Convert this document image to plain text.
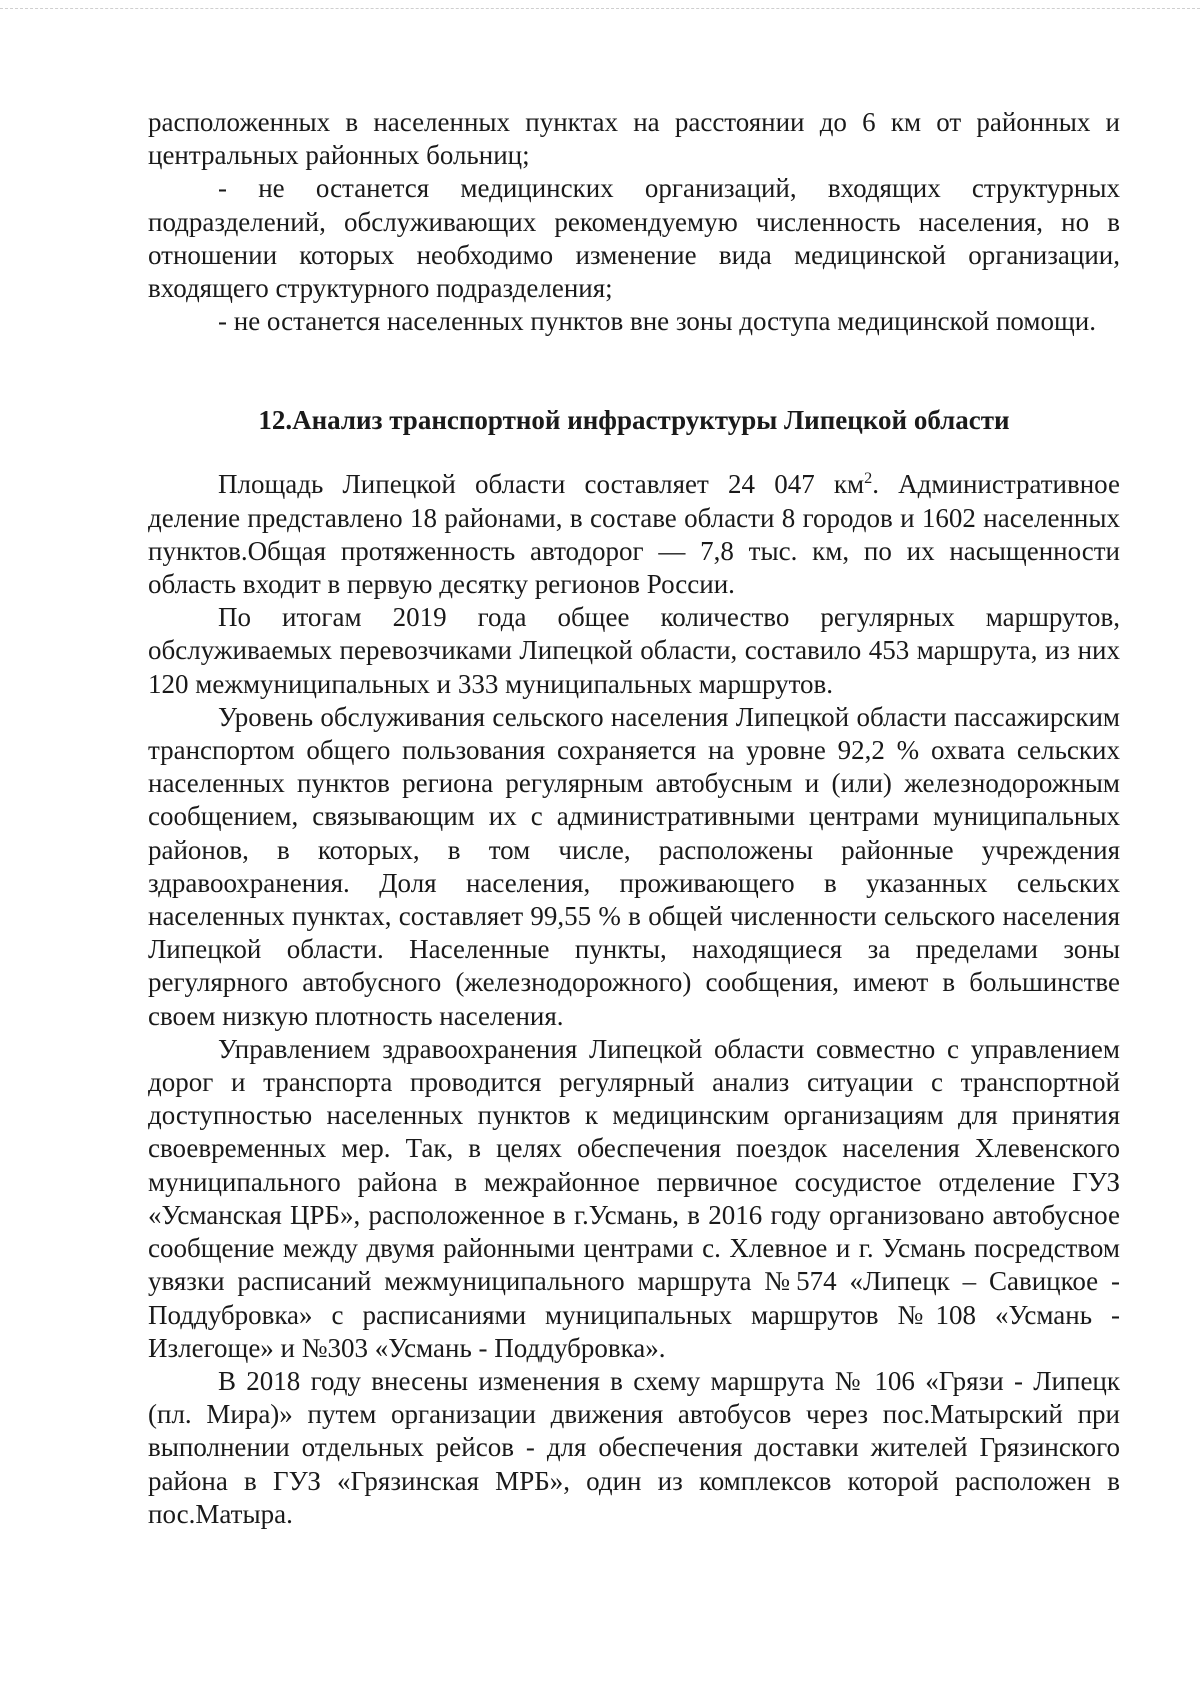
расположенных в населенных пунктах на расстоянии до 6 км от районных и центральных районных больниц;

- не останется медицинских организаций, входящих структурных подразделений, обслуживающих рекомендуемую численность населения, но в отношении которых необходимо изменение вида медицинской организации, входящего структурного подразделения;

- не останется населенных пунктов вне зоны доступа медицинской помощи.

12.Анализ транспортной инфраструктуры Липецкой области

Площадь Липецкой области составляет 24 047 $км^2$. Административное деление представлено 18 районами, в составе области 8 городов и 1602 населенных пунктов.Общая протяженность автодорог — 7,8 тыс. км, по их насыщенности область входит в первую десятку регионов России.

По итогам 2019 года общее количество регулярных маршрутов, обслуживаемых перевозчиками Липецкой области, составило 453 маршрута, из них 120 межмуниципальных и 333 муниципальных маршрутов.

Уровень обслуживания сельского населения Липецкой области пассажирским транспортом общего пользования сохраняется на уровне 92,2 % охвата сельских населенных пунктов региона регулярным автобусным и (или) железнодорожным сообщением, связывающим их с административными центрами муниципальных районов, в которых, в том числе, расположены районные учреждения здравоохранения. Доля населения, проживающего в указанных сельских населенных пунктах, составляет 99,55 % в общей численности сельского населения Липецкой области. Населенные пункты, находящиеся за пределами зоны регулярного автобусного (железнодорожного) сообщения, имеют в большинстве своем низкую плотность населения.

Управлением здравоохранения Липецкой области совместно с управлением дорог и транспорта проводится регулярный анализ ситуации с транспортной доступностью населенных пунктов к медицинским организациям для принятия своевременных мер. Так, в целях обеспечения поездок населения Хлевенского муниципального района в межрайонное первичное сосудистое отделение ГУЗ «Усманская ЦРБ», расположенное в г.Усмань, в 2016 году организовано автобусное сообщение между двумя районными центрами с. Хлевное и г. Усмань посредством увязки расписаний межмуниципального маршрута №574 «Липецк – Савицкое - Поддубровка» с расписаниями муниципальных маршрутов №108 «Усмань - Излегоще» и №303 «Усмань - Поддубровка».

В 2018 году внесены изменения в схему маршрута № 106 «Грязи - Липецк (пл. Мира)» путем организации движения автобусов через пос.Матырский при выполнении отдельных рейсов - для обеспечения доставки жителей Грязинского района в ГУЗ «Грязинская МРБ», один из комплексов которой расположен в пос.Матыра.
